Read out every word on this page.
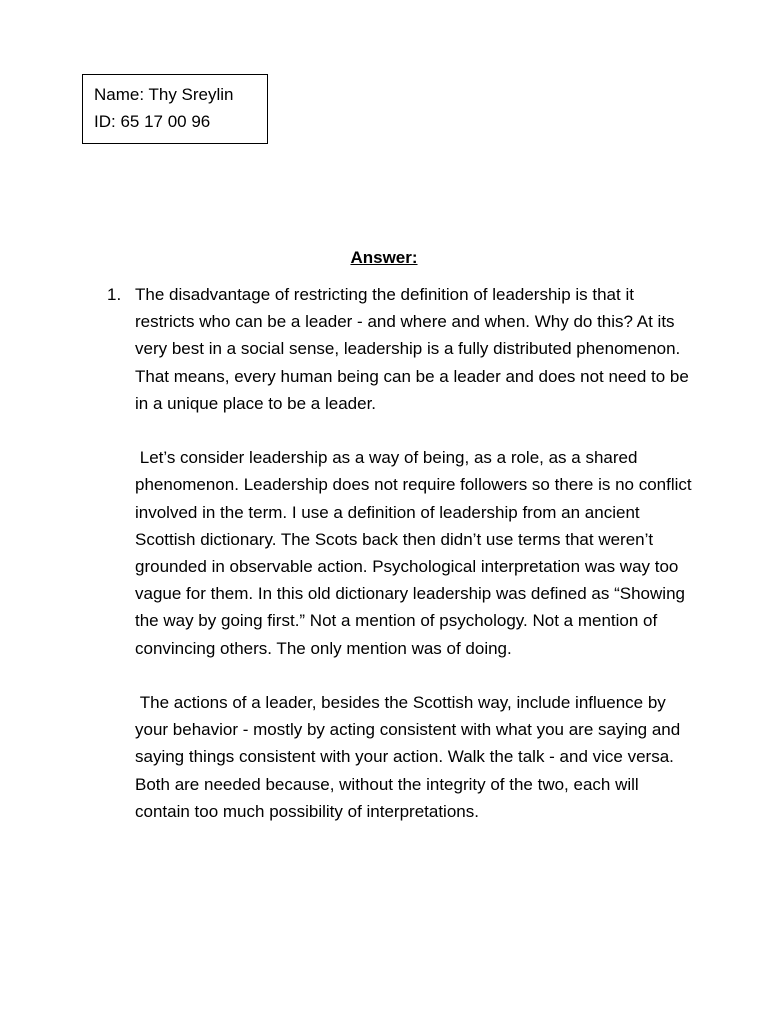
Name: Thy Sreylin
ID: 65 17 00 96
Answer:
1. The disadvantage of restricting the definition of leadership is that it restricts who can be a leader - and where and when. Why do this? At its very best in a social sense, leadership is a fully distributed phenomenon. That means, every human being can be a leader and does not need to be in a unique place to be a leader.

Let’s consider leadership as a way of being, as a role, as a shared phenomenon. Leadership does not require followers so there is no conflict involved in the term. I use a definition of leadership from an ancient Scottish dictionary. The Scots back then didn’t use terms that weren’t grounded in observable action. Psychological interpretation was way too vague for them. In this old dictionary leadership was defined as “Showing the way by going first.” Not a mention of psychology. Not a mention of convincing others. The only mention was of doing.

The actions of a leader, besides the Scottish way, include influence by your behavior - mostly by acting consistent with what you are saying and saying things consistent with your action. Walk the talk - and vice versa. Both are needed because, without the integrity of the two, each will contain too much possibility of interpretations.
